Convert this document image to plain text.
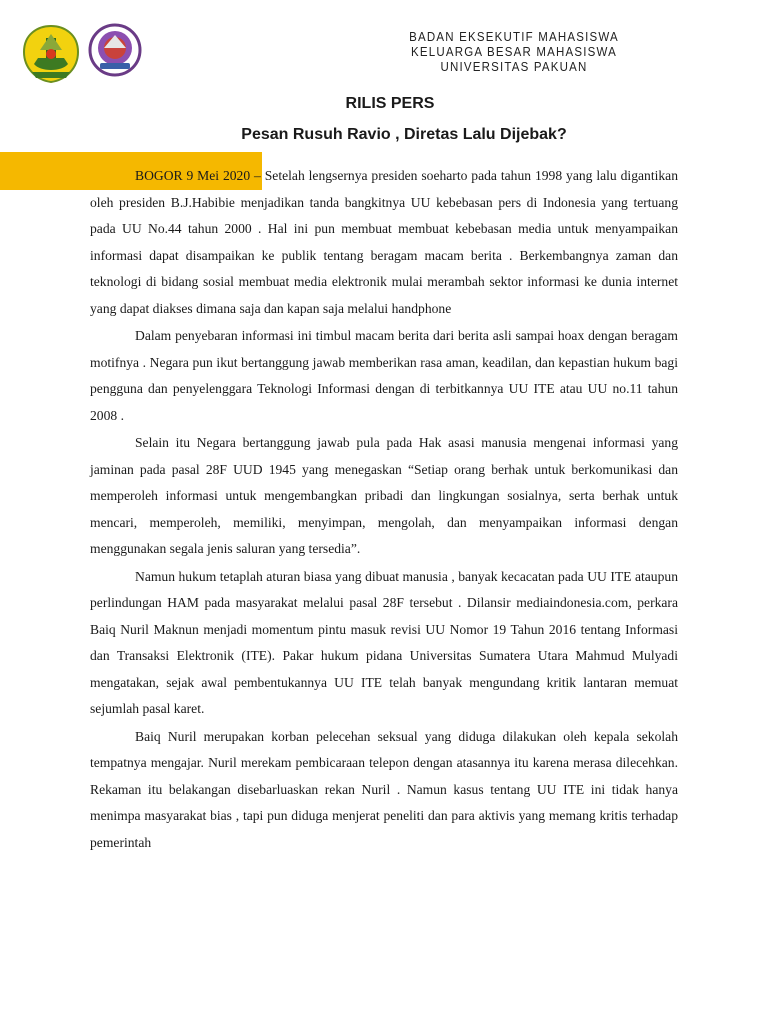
BADAN EKSEKUTIF MAHASISWA
KELUARGA BESAR MAHASISWA
UNIVERSITAS PAKUAN
RILIS PERS
Pesan Rusuh Ravio , Diretas Lalu Dijebak?

BOGOR 9 Mei 2020 – Setelah lengsernya presiden soeharto pada tahun 1998 yang lalu digantikan oleh presiden B.J.Habibie menjadikan tanda bangkitnya UU kebebasan pers di Indonesia yang tertuang pada UU No.44 tahun 2000 . Hal ini pun membuat membuat kebebasan media untuk menyampaikan informasi dapat disampaikan ke publik tentang beragam macam berita . Berkembangnya zaman dan teknologi di bidang sosial membuat media elektronik mulai merambah sektor informasi ke dunia internet yang dapat diakses dimana saja dan kapan saja melalui handphone

Dalam penyebaran informasi ini timbul macam berita dari berita asli sampai hoax dengan beragam motifnya . Negara pun ikut bertanggung jawab memberikan rasa aman, keadilan, dan kepastian hukum bagi pengguna dan penyelenggara Teknologi Informasi dengan di terbitkannya UU ITE atau UU no.11 tahun 2008 .

Selain itu Negara bertanggung jawab pula pada Hak asasi manusia mengenai informasi yang jaminan pada pasal 28F UUD 1945 yang menegaskan “Setiap orang berhak untuk berkomunikasi dan memperoleh informasi untuk mengembangkan pribadi dan lingkungan sosialnya, serta berhak untuk mencari, memperoleh, memiliki, menyimpan, mengolah, dan menyampaikan informasi dengan menggunakan segala jenis saluran yang tersedia”.

Namun hukum tetaplah aturan biasa yang dibuat manusia , banyak kecacatan pada UU ITE ataupun perlindungan HAM pada masyarakat melalui pasal 28F tersebut . Dilansir mediaindonesia.com, perkara Baiq Nuril Maknun menjadi momentum pintu masuk revisi UU Nomor 19 Tahun 2016 tentang Informasi dan Transaksi Elektronik (ITE). Pakar hukum pidana Universitas Sumatera Utara Mahmud Mulyadi mengatakan, sejak awal pembentukannya UU ITE telah banyak mengundang kritik lantaran memuat sejumlah pasal karet.

Baiq Nuril merupakan korban pelecehan seksual yang diduga dilakukan oleh kepala sekolah tempatnya mengajar. Nuril merekam pembicaraan telepon dengan atasannya itu karena merasa dilecehkan. Rekaman itu belakangan disebarluaskan rekan Nuril . Namun kasus tentang UU ITE ini tidak hanya menimpa masyarakat bias , tapi pun diduga menjerat peneliti dan para aktivis yang memang kritis terhadap pemerintah
